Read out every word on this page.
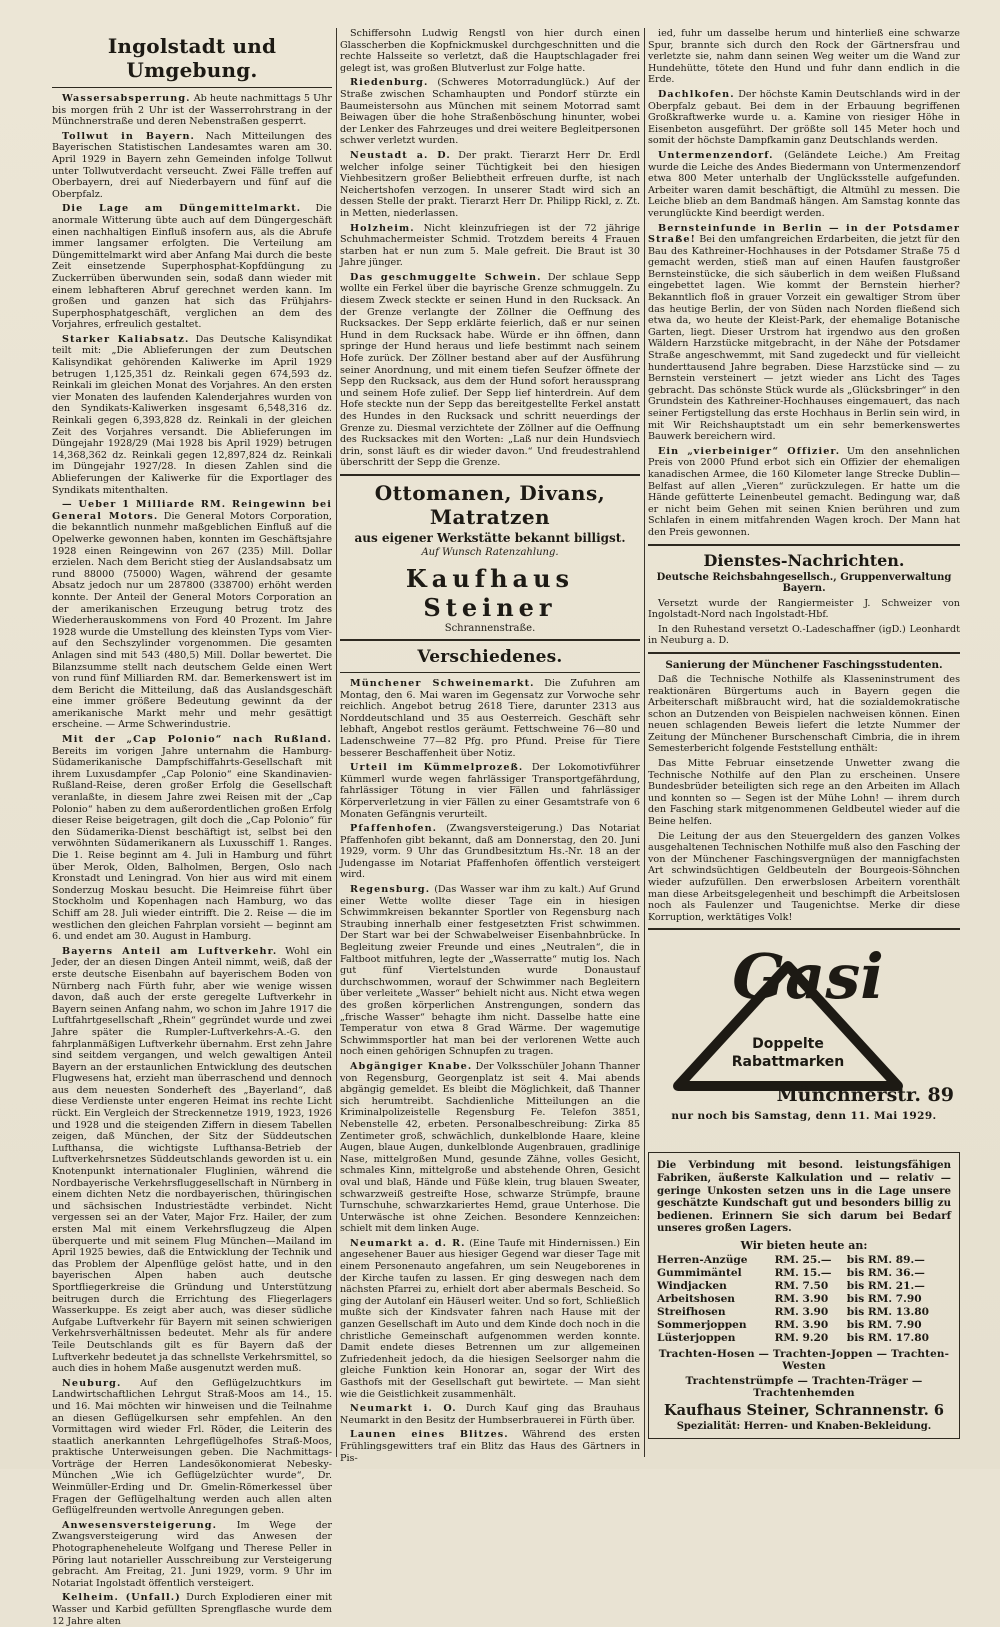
Ingolstadt und Umgebung.

Wassersabsperrung. Ab heute nachmittags 5 Uhr bis morgen früh 2 Uhr ist der Wasserrohrstrang in der Münchnerstraße und deren Nebenstraßen gesperrt.

Tollwut in Bayern. Nach Mitteilungen des Bayerischen Statistischen Landesamtes waren am 30. April 1929 in Bayern zehn Gemeinden infolge Tollwut unter Tollwutverdacht verseucht. Zwei Fälle treffen auf Oberbayern, drei auf Niederbayern und fünf auf die Oberpfalz.

Die Lage am Düngemittelmarkt. Die anormale Witterung übte auch auf dem Düngergeschäft einen nachhaltigen Einfluß insofern aus, als die Abrufe immer langsamer erfolgten. Die Verteilung am Düngemittelmarkt wird aber Anfang Mai durch die beste Zeit einsetzende Superphosphat-Kopfdüngung zu Zuckerrüben überwunden sein, sodaß dann wieder mit einem lebhafteren Abruf gerechnet werden kann. Im großen und ganzen hat sich das Frühjahrs-Superphosphatgeschäft, verglichen an dem des Vorjahres, erfreulich gestaltet.

Starker Kaliabsatz. Das Deutsche Kalisyndikat teilt mit: „Die Ablieferungen der zum Deutschen Kalisyndikat gehörenden Kaliwerke im April 1929 betrugen 1,125,351 dz. Reinkali gegen 674,593 dz. Reinkali im gleichen Monat des Vorjahres. An den ersten vier Monaten des laufenden Kalenderjahres wurden von den Syndikats-Kaliwerken insgesamt 6,548,316 dz. Reinkali gegen 6,393,828 dz. Reinkali in der gleichen Zeit des Vorjahres versandt. Die Ablieferungen im Düngejahr 1928/29 (Mai 1928 bis April 1929) betrugen 14,368,362 dz. Reinkali gegen 12,897,824 dz. Reinkali im Düngejahr 1927/28. In diesen Zahlen sind die Ablieferungen der Kaliwerke für die Exportlager des Syndikats mitenthalten.

— Ueber 1 Milliarde RM. Reingewinn bei General Motors. Die General Motors Corporation, die bekanntlich nunmehr maßgeblichen Einfluß auf die Opelwerke gewonnen haben, konnten im Geschäftsjahre 1928 einen Reingewinn von 267 (235) Mill. Dollar erzielen. Nach dem Bericht stieg der Auslandsabsatz um rund 88000 (75000) Wagen, während der gesamte Absatz jedoch nur um 287800 (338700) erhöht werden konnte. Der Anteil der General Motors Corporation an der amerikanischen Erzeugung betrug trotz des Wiederherauskommens von Ford 40 Prozent. Im Jahre 1928 wurde die Umstellung des kleinsten Typs vom Vier- auf den Sechszylinder vorgenommen. Die gesamten Anlagen sind mit 543 (480,5) Mill. Dollar bewertet. Die Bilanzsumme stellt nach deutschem Gelde einen Wert von rund fünf Milliarden RM. dar. Bemerkenswert ist im dem Bericht die Mitteilung, daß das Auslandsgeschäft eine immer größere Bedeutung gewinnt da der amerikanische Markt mehr und mehr gesättigt erscheine. — Arme Schwerindustrie.

Mit der „Cap Polonio“ nach Rußland. Bereits im vorigen Jahre unternahm die Hamburg-Südamerikanische Dampfschiffahrts-Gesellschaft mit ihrem Luxusdampfer „Cap Polonio“ eine Skandinavien-Rußland-Reise, deren großer Erfolg die Gesellschaft veranlaßte, in diesem Jahre zwei Reisen mit der „Cap Polonio“ haben zu dem außerordentlichen großen Erfolg dieser Reise beigetragen, gilt doch die „Cap Polonio“ für den Südamerika-Dienst beschäftigt ist, selbst bei den verwöhnten Südamerikanern als Luxusschiff 1. Ranges. Die 1. Reise beginnt am 4. Juli in Hamburg und führt über Merok, Olden, Balholmen, Bergen, Oslo nach Kronstadt und Leningrad. Von hier aus wird mit einem Sonderzug Moskau besucht. Die Heimreise führt über Stockholm und Kopenhagen nach Hamburg, wo das Schiff am 28. Juli wieder eintrifft. Die 2. Reise — die im westlichen den gleichen Fahrplan vorsieht — beginnt am 6. und endet am 30. August in Hamburg.

Bayerns Anteil am Luftverkehr. Wohl ein Jeder, der an diesen Dingen Anteil nimmt, weiß, daß der erste deutsche Eisenbahn auf bayerischem Boden von Nürnberg nach Fürth fuhr, aber wie wenige wissen davon, daß auch der erste geregelte Luftverkehr in Bayern seinen Anfang nahm, wo schon im Jahre 1917 die Luftfahrtgesellschaft „Rhein“ gegründet wurde und zwei Jahre später die Rumpler-Luftverkehrs-A.-G. den fahrplanmäßigen Luftverkehr übernahm. Erst zehn Jahre sind seitdem vergangen, und welch gewaltigen Anteil Bayern an der erstaunlichen Entwicklung des deutschen Flugwesens hat, erzieht man überraschend und dennoch aus dem neuesten Sonderheft des „Bayerland“, daß diese Verdienste unter engeren Heimat ins rechte Licht rückt. Ein Vergleich der Streckennetze 1919, 1923, 1926 und 1928 und die steigenden Ziffern in diesem Tabellen zeigen, daß München, der Sitz der Süddeutschen Lufthansa, die wichtigste Lufthansa-Betrieb der Luftverkehrsnetzes Süddeutschlands geworden ist u. ein Knotenpunkt internationaler Fluglinien, während die Nordbayerische Verkehrsfluggesellschaft in Nürnberg in einem dichten Netz die nordbayerischen, thüringischen und sächsischen Industriestädte verbindet. Nicht vergessen sei an der Vater, Major Frz. Hailer, der zum ersten Mal mit einem Verkehrsflugzeug die Alpen überquerte und mit seinem Flug München—Mailand im April 1925 bewies, daß die Entwicklung der Technik und das Problem der Alpenflüge gelöst hatte, und in den bayerischen Alpen haben auch deutsche Sportfliegerkreise die Gründung und Unterstützung beitrugen durch die Errichtung des Fliegerlagers Wasserkuppe. Es zeigt aber auch, was dieser südliche Aufgabe Luftverkehr für Bayern mit seinen schwierigen Verkehrsverhältnissen bedeutet. Mehr als für andere Teile Deutschlands gilt es für Bayern daß der Luftverkehr bedeutet ja das schnellste Verkehrsmittel, so auch dies in hohem Maße ausgenutzt werden muß.

Neuburg. Auf den Geflügelzuchtkurs im Landwirtschaftlichen Lehrgut Straß-Moos am 14., 15. und 16. Mai möchten wir hinweisen und die Teilnahme an diesen Geflügelkursen sehr empfehlen. An den Vormittagen wird wieder Frl. Röder, die Leiterin des staatlich anerkannten Lehrgeflügelhofes Straß-Moos, praktische Unterweisungen geben. Die Nachmittags-Vorträge der Herren Landesökonomierat Nebesky-München „Wie ich Geflügelzüchter wurde“, Dr. Weinmüller-Erding und Dr. Gmelin-Römerkessel über Fragen der Geflügelhaltung werden auch allen alten Geflügelfreunden wertvolle Anregungen geben.

Anwesensversteigerung. Im Wege der Zwangsversteigerung wird das Anwesen der Photographeneheleute Wolfgang und Therese Peller in Pöring laut notarieller Ausschreibung zur Versteigerung gebracht. Am Freitag, 21. Juni 1929, vorm. 9 Uhr im Notariat Ingolstadt öffentlich versteigert.

Kelheim. (Unfall.) Durch Explodieren einer mit Wasser und Karbid gefüllten Sprengflasche wurde dem 12 Jahre alten

Schiffersohn Ludwig Rengstl von hier durch einen Glasscherben die Kopfnickmuskel durchgeschnitten und die rechte Halsseite so verletzt, daß die Hauptschlagader frei gelegt ist, was großen Blutverlust zur Folge hatte.

Riedenburg. (Schweres Motorradunglück.) Auf der Straße zwischen Schamhaupten und Pondorf stürzte ein Baumeistersohn aus München mit seinem Motorrad samt Beiwagen über die hohe Straßenböschung hinunter, wobei der Lenker des Fahrzeuges und drei weitere Begleitpersonen schwer verletzt wurden.

Neustadt a. D. Der prakt. Tierarzt Herr Dr. Erdl welcher infolge seiner Tüchtigkeit bei den hiesigen Viehbesitzern großer Beliebtheit erfreuen durfte, ist nach Neichertshofen verzogen. In unserer Stadt wird sich an dessen Stelle der prakt. Tierarzt Herr Dr. Philipp Rickl, z. Zt. in Metten, niederlassen.

Holzheim. Nicht kleinzufriegen ist der 72 jährige Schuhmachermeister Schmid. Trotzdem bereits 4 Frauen starben hat er nun zum 5. Male gefreit. Die Braut ist 30 Jahre jünger.

Das geschmuggelte Schwein. Der schlaue Sepp wollte ein Ferkel über die bayrische Grenze schmuggeln. Zu diesem Zweck steckte er seinen Hund in den Rucksack. An der Grenze verlangte der Zöllner die Oeffnung des Rucksackes. Der Sepp erklärte feierlich, daß er nur seinen Hund in dem Rucksack habe. Würde er ihn öffnen, dann springe der Hund heraus und liefe bestimmt nach seinem Hofe zurück. Der Zöllner bestand aber auf der Ausführung seiner Anordnung, und mit einem tiefen Seufzer öffnete der Sepp den Rucksack, aus dem der Hund sofort heraussprang und seinem Hofe zulief. Der Sepp lief hinterdrein. Auf dem Hofe steckte nun der Sepp das bereitgestellte Ferkel anstatt des Hundes in den Rucksack und schritt neuerdings der Grenze zu. Diesmal verzichtete der Zöllner auf die Oeffnung des Rucksackes mit den Worten: „Laß nur dein Hundsviech drin, sonst läuft es dir wieder davon.“ Und freudestrahlend überschritt der Sepp die Grenze.

Ottomanen, Divans, Matratzen
aus eigener Werkstätte bekannt billigst.
Auf Wunsch Ratenzahlung.
Kaufhaus Steiner
Schrannenstraße.
Verschiedenes.

Münchener Schweinemarkt. Die Zufuhren am Montag, den 6. Mai waren im Gegensatz zur Vorwoche sehr reichlich. Angebot betrug 2618 Tiere, darunter 2313 aus Norddeutschland und 35 aus Oesterreich. Geschäft sehr lebhaft, Angebot restlos geräumt. Fettschweine 76—80 und Ladenschweine 77—82 Pfg. pro Pfund. Preise für Tiere besserer Beschaffenheit über Notiz.

Urteil im Kümmelprozeß. Der Lokomotivführer Kümmerl wurde wegen fahrlässiger Transportgefährdung, fahrlässiger Tötung in vier Fällen und fahrlässiger Körperverletzung in vier Fällen zu einer Gesamtstrafe von 6 Monaten Gefängnis verurteilt.

Pfaffenhofen. (Zwangsversteigerung.) Das Notariat Pfaffenhofen gibt bekannt, daß am Donnerstag, den 20. Juni 1929, vorm. 9 Uhr das Grundbesitztum Hs.-Nr. 18 an der Judengasse im Notariat Pfaffenhofen öffentlich versteigert wird.

Regensburg. (Das Wasser war ihm zu kalt.) Auf Grund einer Wette wollte dieser Tage ein in hiesigen Schwimmkreisen bekannter Sportler von Regensburg nach Straubing innerhalb einer festgesetzten Frist schwimmen. Der Start war bei der Schwabelweiser Eisenbahnbrücke. In Begleitung zweier Freunde und eines „Neutralen“, die in Faltboot mitfuhren, legte der „Wasserratte“ mutig los. Nach gut fünf Viertelstunden wurde Donaustauf durchschwommen, worauf der Schwimmer nach Begleitern über verleitete „Wasser“ behielt nicht aus. Nicht etwa wegen des großen körperlichen Anstrengungen, sondern das „frische Wasser“ behagte ihm nicht. Dasselbe hatte eine Temperatur von etwa 8 Grad Wärme. Der wagemutige Schwimmsportler hat man bei der verlorenen Wette auch noch einen gehörigen Schnupfen zu tragen.

Abgängiger Knabe. Der Volksschüler Johann Thanner von Regensburg, Georgenplatz ist seit 4. Mai abends abgängig gemeldet. Es bleibt die Möglichkeit, daß Thanner sich herumtreibt. Sachdienliche Mitteilungen an die Kriminalpolizeistelle Regensburg Fe. Telefon 3851, Nebenstelle 42, erbeten. Personalbeschreibung: Zirka 85 Zentimeter groß, schwächlich, dunkelblonde Haare, kleine Augen, blaue Augen, dunkelblonde Augenbrauen, gradlinige Nase, mittelgroßen Mund, gesunde Zähne, volles Gesicht, schmales Kinn, mittelgroße und abstehende Ohren, Gesicht oval und blaß, Hände und Füße klein, trug blauen Sweater, schwarzweiß gestreifte Hose, schwarze Strümpfe, braune Turnschuhe, schwarzkariertes Hemd, graue Unterhose. Die Unterwäsche ist ohne Zeichen. Besondere Kennzeichen: schielt mit dem linken Auge.

Neumarkt a. d. R. (Eine Taufe mit Hindernissen.) Ein angesehener Bauer aus hiesiger Gegend war dieser Tage mit einem Personenauto angefahren, um sein Neugeborenes in der Kirche taufen zu lassen. Er ging deswegen nach dem nächsten Pfarrei zu, erhielt dort aber abermals Bescheid. So ging der Autolanf ein Häuserl weiter. Und so fort, Schließlich mußte sich der Kindsvater fahren nach Hause mit der ganzen Gesellschaft im Auto und dem Kinde doch noch in die christliche Gemeinschaft aufgenommen werden konnte. Damit endete dieses Betrennen um zur allgemeinen Zufriedenheit jedoch, da die hiesigen Seelsorger nahm die gleiche Funktion kein Honorar an, sogar der Wirt des Gasthofs mit der Gesellschaft gut bewirtete. — Man sieht wie die Geistlichkeit zusammenhält.

Neumarkt i. O. Durch Kauf ging das Brauhaus Neumarkt in den Besitz der Humbserbrauerei in Fürth über.

Launen eines Blitzes. Während des ersten Frühlingsgewitters traf ein Blitz das Haus des Gärtners in Pis-

ied, fuhr um dasselbe herum und hinterließ eine schwarze Spur, brannte sich durch den Rock der Gärtnersfrau und verletzte sie, nahm dann seinen Weg weiter um die Wand zur Hundehütte, tötete den Hund und fuhr dann endlich in die Erde.

Dachlkofen. Der höchste Kamin Deutschlands wird in der Oberpfalz gebaut. Bei dem in der Erbauung begriffenen Großkraftwerke wurde u. a. Kamine von riesiger Höhe in Eisenbeton ausgeführt. Der größte soll 145 Meter hoch und somit der höchste Dampfkamin ganz Deutschlands werden.

Untermenzendorf. (Geländete Leiche.) Am Freitag wurde die Leiche des Andes Biedermann von Untermenzendorf etwa 800 Meter unterhalb der Unglücksstelle aufgefunden. Arbeiter waren damit beschäftigt, die Altmühl zu messen. Die Leiche blieb an dem Bandmaß hängen. Am Samstag konnte das verunglückte Kind beerdigt werden.

Bernsteinfunde in Berlin — in der Potsdamer Straße! Bei den umfangreichen Erdarbeiten, die jetzt für den Bau des Kathreiner-Hochhauses in der Potsdamer Straße 75 d gemacht werden, stieß man auf einen Haufen faustgroßer Bernsteinstücke, die sich säuberlich in dem weißen Flußsand eingebettet lagen. Wie kommt der Bernstein hierher? Bekanntlich floß in grauer Vorzeit ein gewaltiger Strom über das heutige Berlin, der von Süden nach Norden fließend sich etwa da, wo heute der Kleist-Park, der ehemalige Botanische Garten, liegt. Dieser Urstrom hat irgendwo aus den großen Wäldern Harzstücke mitgebracht, in der Nähe der Potsdamer Straße angeschwemmt, mit Sand zugedeckt und für vielleicht hunderttausend Jahre begraben. Diese Harzstücke sind — zu Bernstein versteinert — jetzt wieder ans Licht des Tages gebracht. Das schönste Stück wurde als „Glücksbringer“ in den Grundstein des Kathreiner-Hochhauses eingemauert, das nach seiner Fertigstellung das erste Hochhaus in Berlin sein wird, in mit Wir Reichshauptstadt um ein sehr bemerkenswertes Bauwerk bereichern wird.

Ein „vierbeiniger“ Offizier. Um den ansehnlichen Preis von 2000 Pfund erbot sich ein Offizier der ehemaligen kanadischen Armee, die 160 Kilometer lange Strecke Dublin—Belfast auf allen „Vieren“ zurückzulegen. Er hatte um die Hände gefütterte Leinenbeutel gemacht. Bedingung war, daß er nicht beim Gehen mit seinen Knien berühren und zum Schlafen in einem mitfahrenden Wagen kroch. Der Mann hat den Preis gewonnen.

Dienstes-Nachrichten.
Deutsche Reichsbahngesellsch., Gruppenverwaltung Bayern.

Versetzt wurde der Rangiermeister J. Schweizer von Ingolstadt-Nord nach Ingolstadt-Hbf.

In den Ruhestand versetzt O.-Ladeschaffner (igD.) Leonhardt in Neuburg a. D.

Sanierung der Münchener Faschingsstudenten.

Daß die Technische Nothilfe als Klasseninstrument des reaktionären Bürgertums auch in Bayern gegen die Arbeiterschaft mißbraucht wird, hat die sozialdemokratische schon an Dutzenden von Beispielen nachweisen können. Einen neuen schlagenden Beweis liefert die letzte Nummer der Zeitung der Münchener Burschenschaft Cimbria, die in ihrem Semesterbericht folgende Feststellung enthält:

Das Mitte Februar einsetzende Unwetter zwang die Technische Nothilfe auf den Plan zu erscheinen. Unsere Bundesbrüder beteiligten sich rege an den Arbeiten im Allach und konnten so — Segen ist der Mühe Lohn! — ihrem durch den Fasching stark mitgenommenen Geldbeutel wieder auf die Beine helfen.

Die Leitung der aus den Steuergeldern des ganzen Volkes ausgehaltenen Technischen Nothilfe muß also den Fasching der von der Münchener Faschingsvergnügen der mannigfachsten Art schwindsüchtigen Geldbeuteln der Bourgeois-Söhnchen wieder aufzufüllen. Den erwerbslosen Arbeitern vorenthält man diese Arbeitsgelegenheit und beschimpft die Arbeitslosen noch als Faulenzer und Taugenichtse. Merke dir diese Korruption, werktätiges Volk!

Gasi
Doppelte
Rabattmarken
Münchnerstr. 89
nur noch bis Samstag, denn 11. Mai 1929.
Die Verbindung mit besond. leistungsfähigen Fabriken, äußerste Kalkulation und — relativ — geringe Unkosten setzen uns in die Lage unsere geschätzte Kundschaft gut und besonders billig zu bedienen. Erinnern Sie sich darum bei Bedarf unseres großen Lagers.
Wir bieten heute an:
Herren-Anzüge	RM. 25.—	bis RM. 89.—
Gummimäntel	RM. 15.—	bis RM. 36.—
Windjacken	RM. 7.50	bis RM. 21.—
Arbeitshosen	RM. 3.90	bis RM. 7.90
Streifhosen	RM. 3.90	bis RM. 13.80
Sommerjoppen	RM. 3.90	bis RM. 7.90
Lüsterjoppen	RM. 9.20	bis RM. 17.80
Trachten-Hosen — Trachten-Joppen — Trachten-Westen
Trachtenstrümpfe — Trachten-Träger — Trachtenhemden
Kaufhaus Steiner, Schrannenstr. 6
Spezialität: Herren- und Knaben-Bekleidung.
